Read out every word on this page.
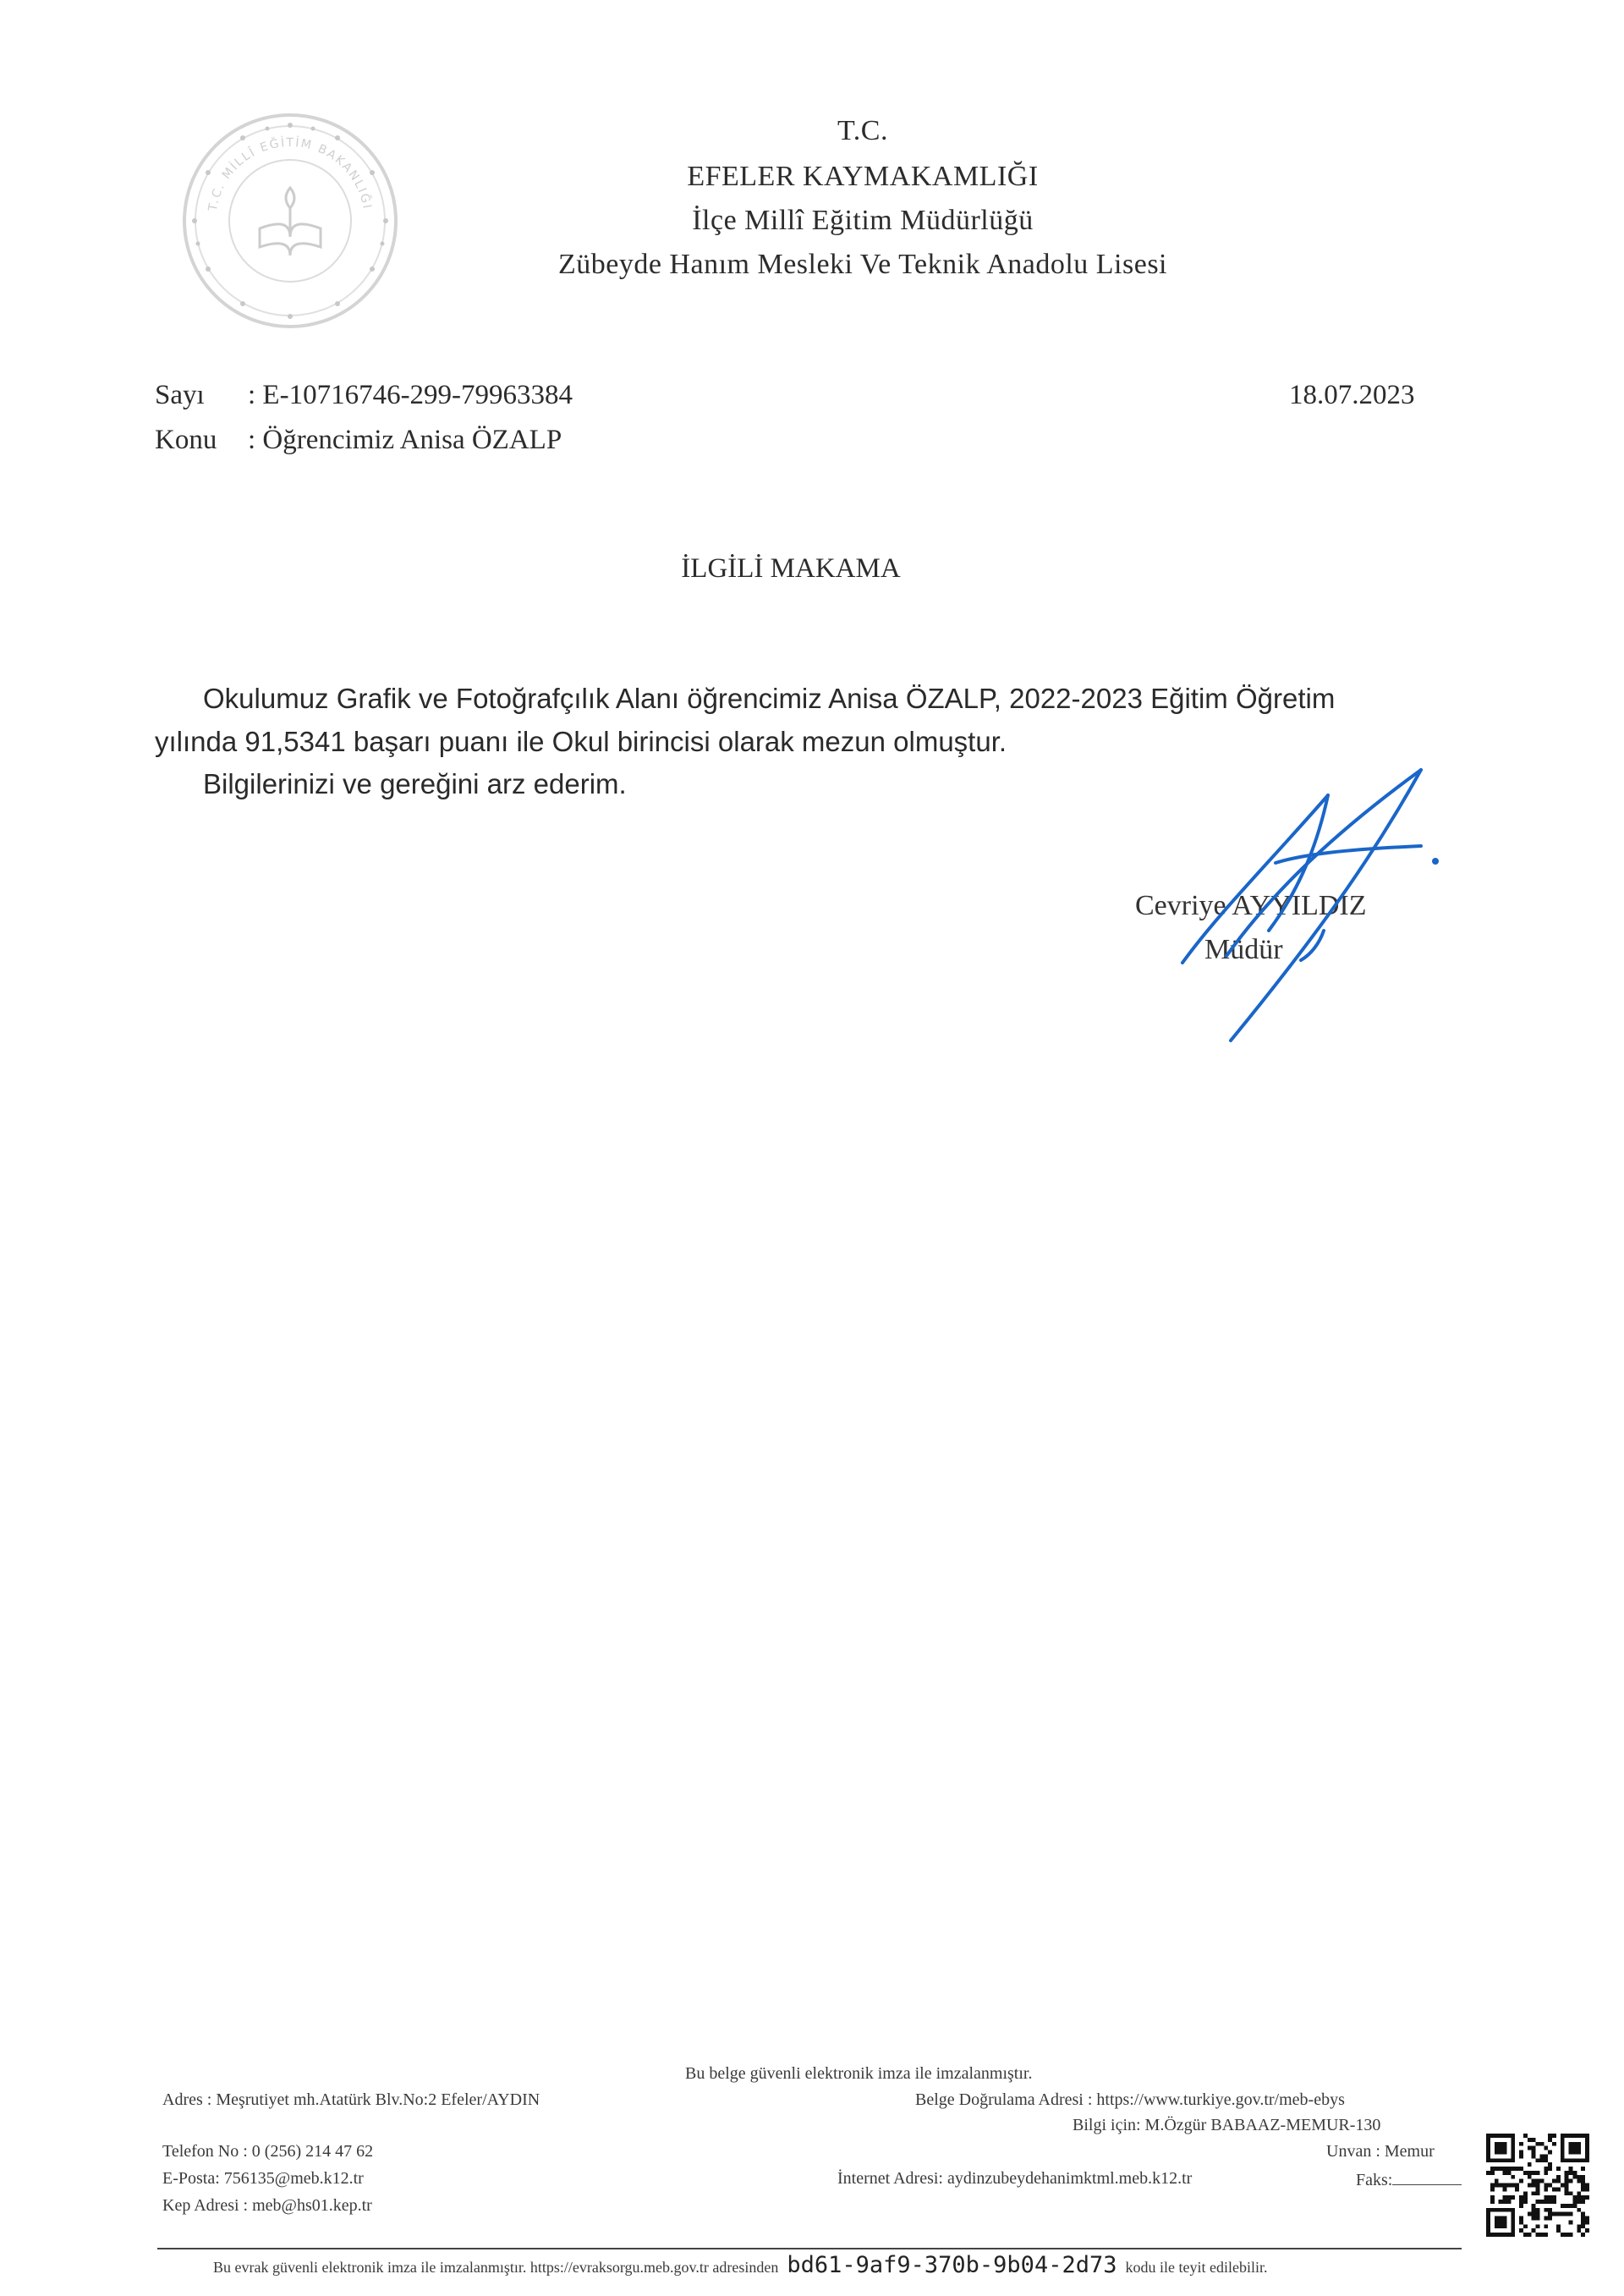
T.C. MİLLÎ EĞİTİM BAKANLIĞI
T.C.
EFELER KAYMAKAMLIĞI
İlçe Millî Eğitim Müdürlüğü
Zübeyde Hanım Mesleki Ve Teknik Anadolu Lisesi
Sayı : E-10716746-299-79963384	18.07.2023
Konu : Öğrencimiz Anisa ÖZALP
İLGİLİ MAKAMA
Okulumuz Grafik ve Fotoğrafçılık Alanı öğrencimiz Anisa ÖZALP, 2022-2023 Eğitim Öğretim
yılında 91,5341 başarı puanı ile Okul birincisi olarak mezun olmuştur.
Bilgilerinizi ve gereğini arz ederim.
Cevriye AYYILDIZ
Müdür
Bu belge güvenli elektronik imza ile imzalanmıştır.
Adres : Meşrutiyet mh.Atatürk Blv.No:2 Efeler/AYDIN	Belge Doğrulama Adresi : https://www.turkiye.gov.tr/meb-ebys
Bilgi için: M.Özgür BABAAZ-MEMUR-130
Telefon No : 0 (256) 214 47 62	Unvan : Memur
E-Posta: 756135@meb.k12.tr	İnternet Adresi: aydinzubeydehanimktml.meb.k12.tr	Faks:
Kep Adresi : meb@hs01.kep.tr
Bu evrak güvenli elektronik imza ile imzalanmıştır. https://evraksorgu.meb.gov.tr adresinden bd61-9af9-370b-9b04-2d73 kodu ile teyit edilebilir.
